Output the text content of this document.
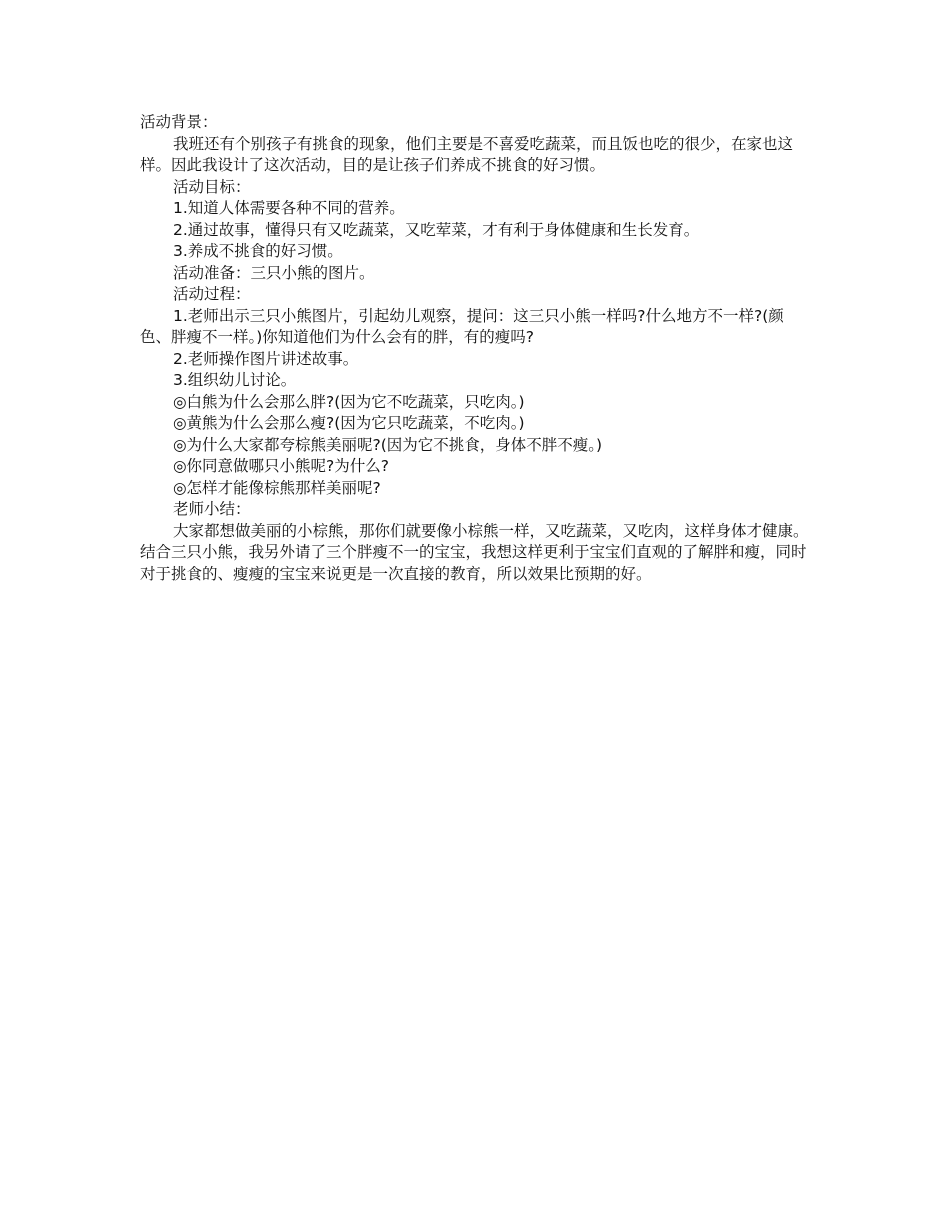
活动背景：

我班还有个别孩子有挑食的现象，他们主要是不喜爱吃蔬菜，而且饭也吃的很少，在家也这样。因此我设计了这次活动，目的是让孩子们养成不挑食的好习惯。

活动目标：

1.知道人体需要各种不同的营养。

2.通过故事，懂得只有又吃蔬菜，又吃荤菜，才有利于身体健康和生长发育。

3.养成不挑食的好习惯。

活动准备：三只小熊的图片。

活动过程：

1.老师出示三只小熊图片，引起幼儿观察，提问：这三只小熊一样吗?什么地方不一样?(颜色、胖瘦不一样。)你知道他们为什么会有的胖，有的瘦吗?

2.老师操作图片讲述故事。

3.组织幼儿讨论。

◎白熊为什么会那么胖?(因为它不吃蔬菜，只吃肉。)

◎黄熊为什么会那么瘦?(因为它只吃蔬菜，不吃肉。)

◎为什么大家都夸棕熊美丽呢?(因为它不挑食，身体不胖不瘦。)

◎你同意做哪只小熊呢?为什么?

◎怎样才能像棕熊那样美丽呢?

老师小结：

大家都想做美丽的小棕熊，那你们就要像小棕熊一样，又吃蔬菜，又吃肉，这样身体才健康。结合三只小熊，我另外请了三个胖瘦不一的宝宝，我想这样更利于宝宝们直观的了解胖和瘦，同时对于挑食的、瘦瘦的宝宝来说更是一次直接的教育，所以效果比预期的好。
